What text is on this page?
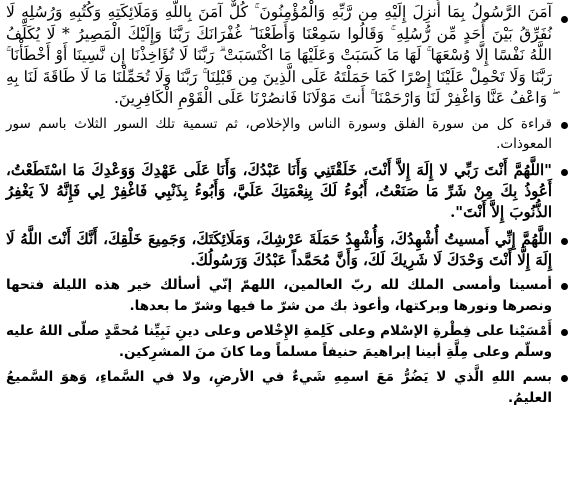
آمَنَ الرَّسُولُ بِمَا أُنزِلَ إِلَيْهِ مِن رَّبِّهِ وَالْمُؤْمِنُونَ ۚ كُلٌّ آمَنَ بِاللَّهِ وَمَلَائِكَتِهِ وَكُتُبِهِ وَرُسُلِهِ لَا نُفَرِّقُ بَيْنَ أَحَدٍ مِّن رُّسُلِهِ ۚ وَقَالُوا سَمِعْنَا وَأَطَعْنَا ۖ غُفْرَانَكَ رَبَّنَا وَإِلَيْكَ الْمَصِيرُ * لَا يُكَلِّفُ اللَّهُ نَفْسًا إِلَّا وُسْعَهَا ۚ لَهَا مَا كَسَبَتْ وَعَلَيْهَا مَا اكْتَسَبَتْ ۗ رَبَّنَا لَا تُؤَاخِذْنَا إِن نَّسِينَا أَوْ أَخْطَأْنَا ۚ رَبَّنَا وَلَا تَحْمِلْ عَلَيْنَا إِصْرًا كَمَا حَمَلْتَهُ عَلَى الَّذِينَ مِن قَبْلِنَا ۚ رَبَّنَا وَلَا تُحَمِّلْنَا مَا لَا طَاقَةَ لَنَا بِهِ ۖ وَاعْفُ عَنَّا وَاغْفِرْ لَنَا وَارْحَمْنَا ۚ أَنتَ مَوْلَانَا فَانصُرْنَا عَلَى الْقَوْمِ الْكَافِرِينَ.
قراءة كل من سورة الفلق وسورة الناس والإخلاص، ثم تسمية تلك السور الثلاث باسم سور المعوذات.
"اللَّهُمَّ أَنْتَ رَبِّي لا إِلَهَ إِلاَّ أَنْتَ، خَلَقْتَنِي وَأَنَا عَبْدُكَ، وَأَنَا عَلَى عَهْدِكَ وَوَعْدِكَ مَا اسْتَطَعْتُ، أَعُوذُ بِكَ مِنْ شَرِّ مَا صَنَعْتُ، أَبُوءُ لَكَ بِنِعْمَتِكَ عَلَيَّ، وَأَبُوءُ بِذَنْبِي فَاغْفِرْ لِي فَإِنَّهُ لاَ يَغْفِرُ الذُّنُوبَ إِلاَّ أَنْتَ".
اللَّهُمَّ إِنِّي أَمسيتُ أُشْهِدُكَ، وَأُشْهِدُ حَمَلَةَ عَرْشِكَ، وَمَلَائِكَتَكَ، وَجَمِيعَ خَلْقِكَ، أَنَّكَ أَنْتَ اللَّهُ لَا إِلَهَ إِلَّا أَنْتَ وَحْدَكَ لَا شَرِيكَ لَكَ، وَأَنَّ مُحَمَّداً عَبْدُكَ وَرَسُولُكَ.
أمسينا وأمسى الملك لله ربّ العالمين، اللهمّ إنّي أسألك خير هذه الليلة فتحها ونصرها ونورها وبركتها، وأعوذ بك من شرّ ما فيها وشرّ ما بعدها.
أَمْسَيْنا على فِطْرةِ الإسْلام وعلى كَلِمةِ الإِخْلاص وعلى دينِ نَبِيِّنا مُحمَّدٍ صلّى اللهُ عليه وسلّم وعلى مِلَّةِ أبينا إبراهيمَ حنيفاً مسلماً وما كانَ منَ المشرِكين.
بسم اللهِ الَّذي لا يَضُرُّ مَعَ اسمِهِ شَيءٌ في الأرضِ، ولا في السَّماءِ، وَهوَ السَّميعُ العليمُ.
